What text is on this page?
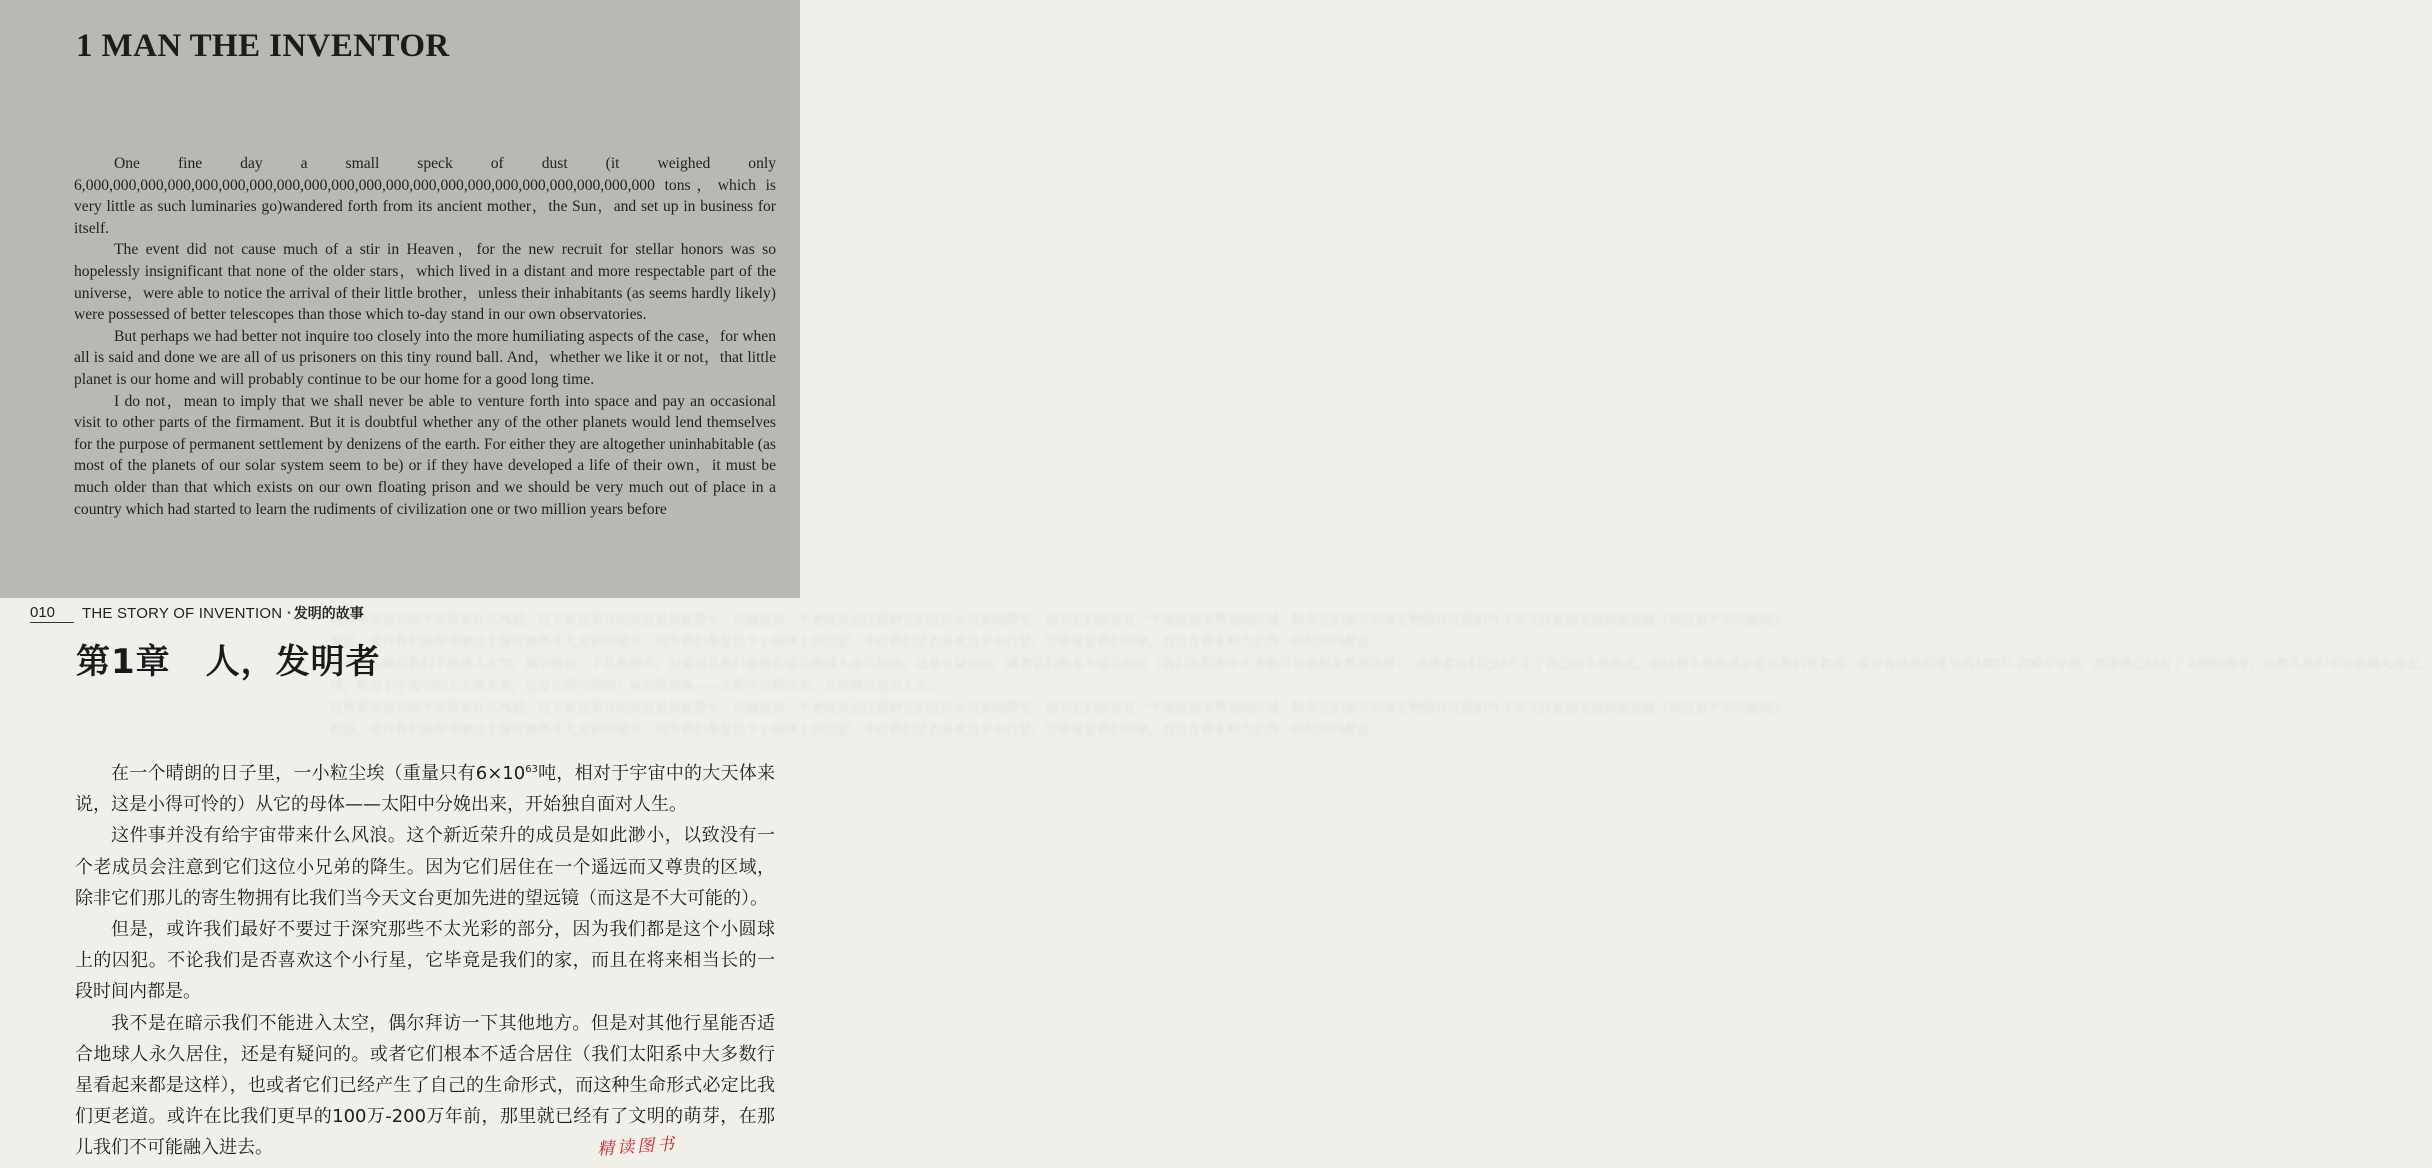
1 MAN THE INVENTOR

One fine day a small speck of dust (it weighed only 6,000,000,000,000,000,000,000,000,000,000,000,000,000,000,000,000,000,000,000,000,000 tons，which is very little as such luminaries go)wandered forth from its ancient mother，the Sun，and set up in business for itself.

The event did not cause much of a stir in Heaven，for the new recruit for stellar honors was so hopelessly insignificant that none of the older stars，which lived in a distant and more respectable part of the universe，were able to notice the arrival of their little brother，unless their inhabitants (as seems hardly likely) were possessed of better telescopes than those which to-day stand in our own observatories.

But perhaps we had better not inquire too closely into the more humiliating aspects of the case，for when all is said and done we are all of us prisoners on this tiny round ball. And，whether we like it or not，that little planet is our home and will probably continue to be our home for a good long time.

I do not，mean to imply that we shall never be able to venture forth into space and pay an occasional visit to other parts of the firmament. But it is doubtful whether any of the other planets would lend themselves for the purpose of permanent settlement by denizens of the earth. For either they are altogether uninhabitable (as most of the planets of our solar system seem to be) or if they have developed a life of their own，it must be much older than that which exists on our own floating prison and we should be very much out of place in a country which had started to learn the rudiments of civilization one or two million years before

这件事并没有给宇宙带来什么风浪。这个新近荣升的成员是如此渺小，以致没有一个老成员会注意到它们这位小兄弟的降生。因为它们居住在一个遥远而又尊贵的区域，除非它们那儿的寄生物拥有比我们当今天文台更加先进的望远镜（而这是不大可能的）。
但是，或许我们最好不要过于深究那些不太光彩的部分，因为我们都是这个小圆球上的囚犯。不论我们是否喜欢这个小行星，它毕竟是我们的家，而且在将来相当长的一段时间内都是。
我不是在暗示我们不能进入太空，偶尔拜访一下其他地方。但是对其他行星能否适合地球人永久居住，还是有疑问的。或者它们根本不适合居住（我们太阳系中大多数行星看起来都是这样），也或者它们已经产生了自己的生命形式，而这种生命形式必定比我们更老道。或许在比我们更早的100万-200万年前，那里就已经有了文明的萌芽，在那儿我们不可能融入进去。
吨，相对于宇宙中的大天体来说，这是小得可怜的）从它的母体——太阳中分娩出来，开始独自面对人生。
这件事并没有给宇宙带来什么风浪。这个新近荣升的成员是如此渺小，以致没有一个老成员会注意到它们这位小兄弟的降生。因为它们居住在一个遥远而又尊贵的区域，除非它们那儿的寄生物拥有比我们当今天文台更加先进的望远镜（而这是不大可能的）。
但是，或许我们最好不要过于深究那些不太光彩的部分，因为我们都是这个小圆球上的囚犯。不论我们是否喜欢这个小行星，它毕竟是我们的家，而且在将来相当长的一段时间内都是。
010	THE STORY OF INVENTION • 发明的故事
第1章　人，发明者

在一个晴朗的日子里，一小粒尘埃（重量只有$6\times 10^{63}$吨，相对于宇宙中的大天体来说，这是小得可怜的）从它的母体——太阳中分娩出来，开始独自面对人生。

这件事并没有给宇宙带来什么风浪。这个新近荣升的成员是如此渺小，以致没有一个老成员会注意到它们这位小兄弟的降生。因为它们居住在一个遥远而又尊贵的区域，除非它们那儿的寄生物拥有比我们当今天文台更加先进的望远镜（而这是不大可能的）。

但是，或许我们最好不要过于深究那些不太光彩的部分，因为我们都是这个小圆球上的囚犯。不论我们是否喜欢这个小行星，它毕竟是我们的家，而且在将来相当长的一段时间内都是。

我不是在暗示我们不能进入太空，偶尔拜访一下其他地方。但是对其他行星能否适合地球人永久居住，还是有疑问的。或者它们根本不适合居住（我们太阳系中大多数行星看起来都是这样），也或者它们已经产生了自己的生命形式，而这种生命形式必定比我们更老道。或许在比我们更早的100万-200万年前，那里就已经有了文明的萌芽，在那儿我们不可能融入进去。	精读图书
